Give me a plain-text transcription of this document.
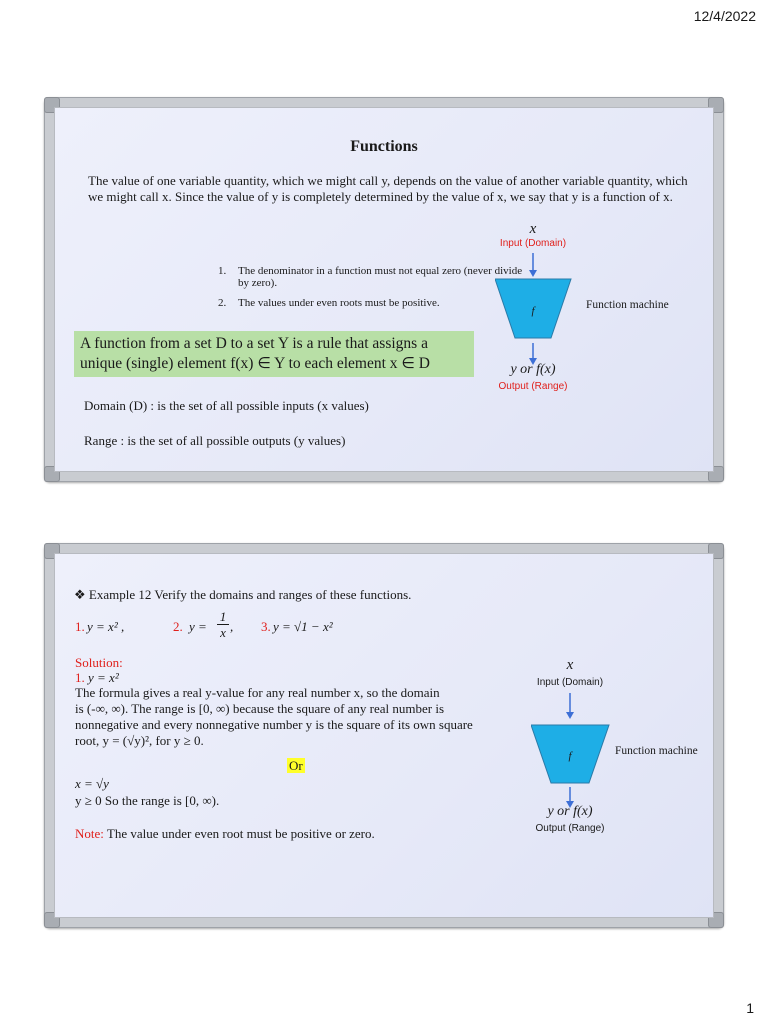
12/4/2022
Functions
The value of one variable quantity, which we might call y, depends on the value of another variable quantity, which we might call x. Since the value of y is completely determined by the value of x, we say that y is a function of x.
1. The denominator in a function must not equal zero (never divide by zero).
2. The values under even roots must be positive.
A function from a set D to a set Y is a rule that assigns a
unique (single) element f(x) ∈ Y to each element x ∈ D
Domain (D) : is the set of all possible inputs (x values)
Range : is the set of all possible outputs (y values)
x
Input (Domain)
f	Function machine
y or f(x)
Output (Range)
❖ Example 12 Verify the domains and ranges of these functions.
1. y = x² ,	2. y =
1
x , 3. y = √1 − x²
Solution:
1. y = x²
The formula gives a real y-value for any real number x, so the domain
is (-∞, ∞). The range is [0, ∞) because the square of any real number is
nonnegative and every nonnegative number y is the square of its own square
root, y = (√y)², for y ≥ 0.
Or
x = √y
y ≥ 0 So the range is [0, ∞).
Note: The value under even root must be positive or zero.
x
Input (Domain)
f	Function machine
y or f(x)
Output (Range)
1
